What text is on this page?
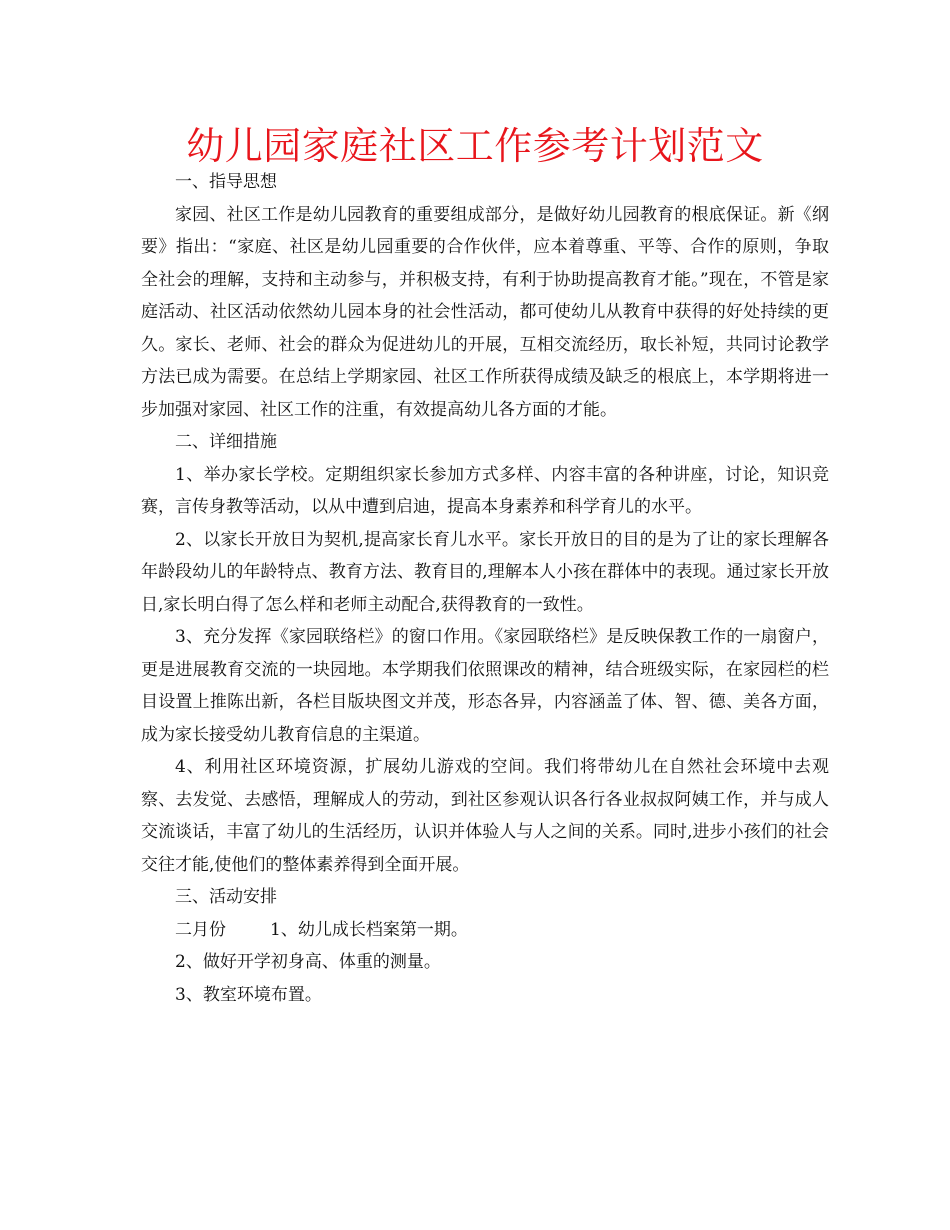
幼儿园家庭社区工作参考计划范文

一、指导思想

家园、社区工作是幼儿园教育的重要组成部分，是做好幼儿园教育的根底保证。新《纲要》指出：“家庭、社区是幼儿园重要的合作伙伴，应本着尊重、平等、合作的原则，争取全社会的理解，支持和主动参与，并积极支持，有利于协助提高教育才能。”现在，不管是家庭活动、社区活动依然幼儿园本身的社会性活动，都可使幼儿从教育中获得的好处持续的更久。家长、老师、社会的群众为促进幼儿的开展，互相交流经历，取长补短，共同讨论教学方法已成为需要。在总结上学期家园、社区工作所获得成绩及缺乏的根底上，本学期将进一步加强对家园、社区工作的注重，有效提高幼儿各方面的才能。

二、详细措施

1、举办家长学校。定期组织家长参加方式多样、内容丰富的各种讲座，讨论，知识竞赛，言传身教等活动，以从中遭到启迪，提高本身素养和科学育儿的水平。

2、以家长开放日为契机,提高家长育儿水平。家长开放日的目的是为了让的家长理解各年龄段幼儿的年龄特点、教育方法、教育目的,理解本人小孩在群体中的表现。通过家长开放日,家长明白得了怎么样和老师主动配合,获得教育的一致性。

3、充分发挥《家园联络栏》的窗口作用。《家园联络栏》是反映保教工作的一扇窗户，更是进展教育交流的一块园地。本学期我们依照课改的精神，结合班级实际，在家园栏的栏目设置上推陈出新，各栏目版块图文并茂，形态各异，内容涵盖了体、智、德、美各方面，成为家长接受幼儿教育信息的主渠道。

4、利用社区环境资源，扩展幼儿游戏的空间。我们将带幼儿在自然社会环境中去观察、去发觉、去感悟，理解成人的劳动，到社区参观认识各行各业叔叔阿姨工作，并与成人交流谈话，丰富了幼儿的生活经历，认识并体验人与人之间的关系。同时,进步小孩们的社会交往才能,使他们的整体素养得到全面开展。

三、活动安排

二月份	1、幼儿成长档案第一期。

2、做好开学初身高、体重的测量。

3、教室环境布置。
